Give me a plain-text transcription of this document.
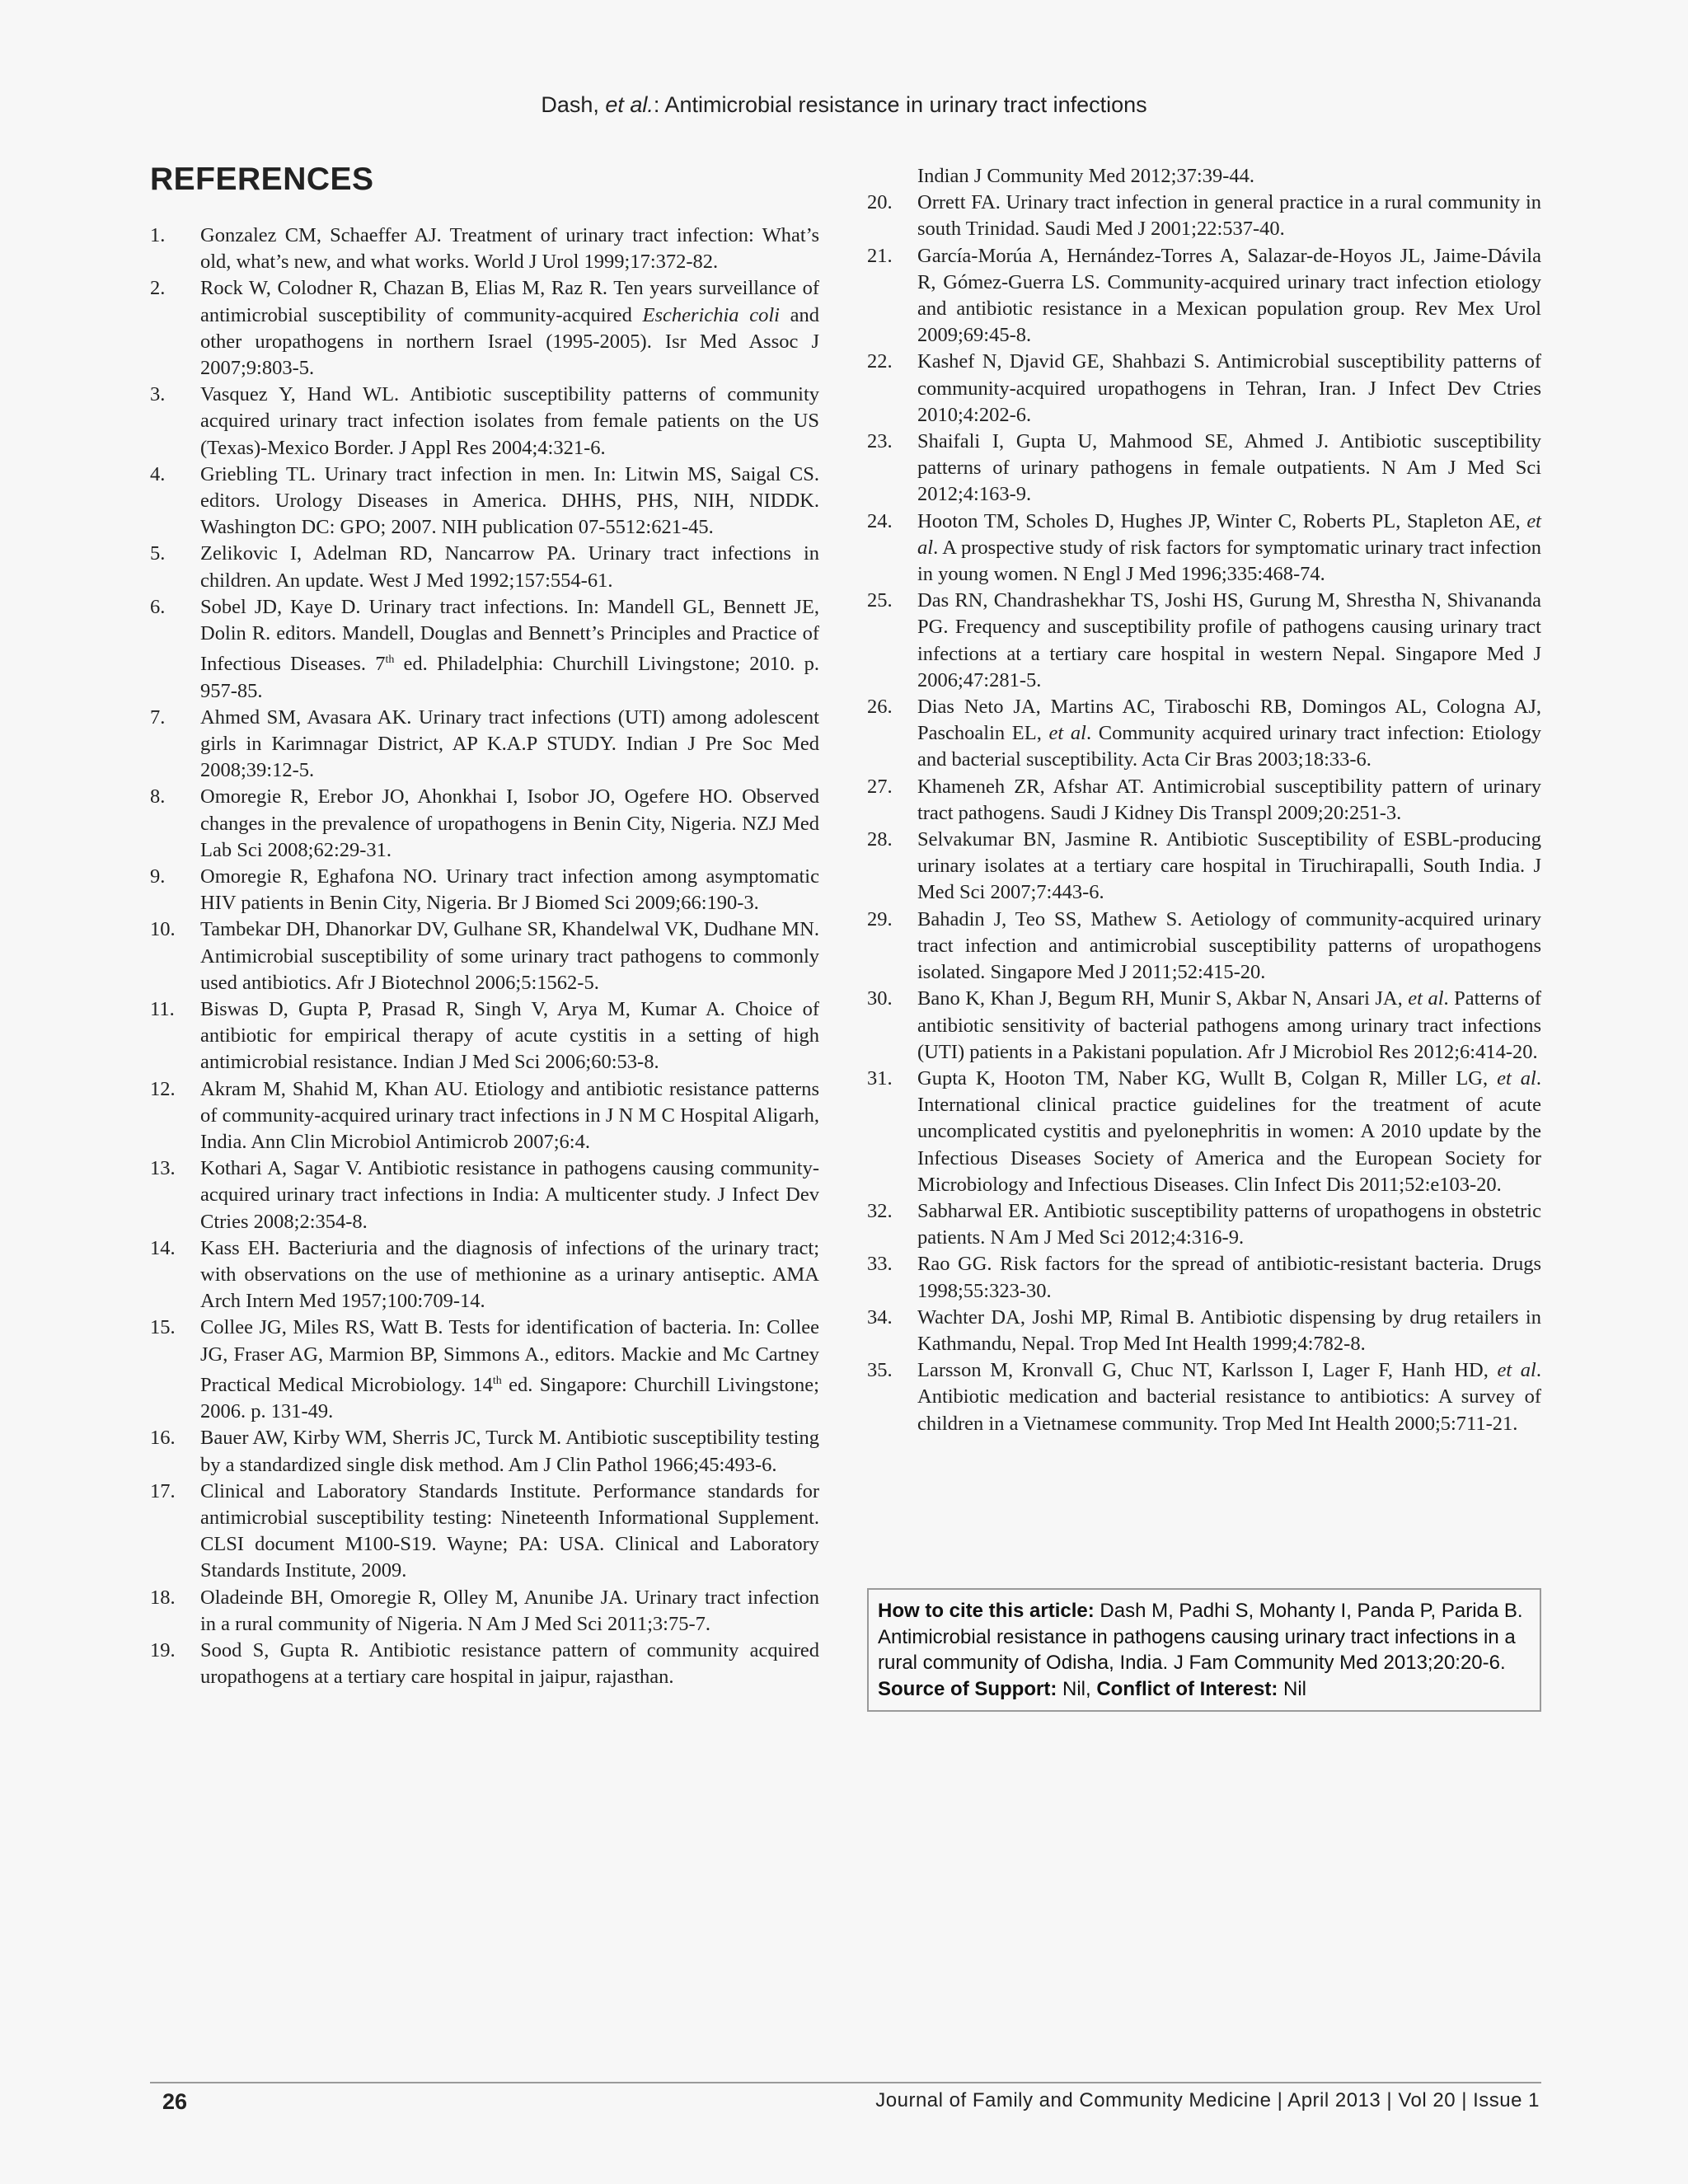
Dash, et al.: Antimicrobial resistance in urinary tract infections
REFERENCES
1.	Gonzalez CM, Schaeffer AJ. Treatment of urinary tract infection: What’s old, what’s new, and what works. World J Urol 1999;17:372-82.
2.	Rock W, Colodner R, Chazan B, Elias M, Raz R. Ten years surveillance of antimicrobial susceptibility of community-acquired Escherichia coli and other uropathogens in northern Israel (1995-2005). Isr Med Assoc J 2007;9:803-5.
3.	Vasquez Y, Hand WL. Antibiotic susceptibility patterns of community acquired urinary tract infection isolates from female patients on the US (Texas)-Mexico Border. J Appl Res 2004;4:321-6.
4.	Griebling TL. Urinary tract infection in men. In: Litwin MS, Saigal CS. editors. Urology Diseases in America. DHHS, PHS, NIH, NIDDK. Washington DC: GPO; 2007. NIH publication 07-5512:621-45.
5.	Zelikovic I, Adelman RD, Nancarrow PA. Urinary tract infections in children. An update. West J Med 1992;157:554-61.
6.	Sobel JD, Kaye D. Urinary tract infections. In: Mandell GL, Bennett JE, Dolin R. editors. Mandell, Douglas and Bennett’s Principles and Practice of Infectious Diseases. 7th ed. Philadelphia: Churchill Livingstone; 2010. p. 957-85.
7.	Ahmed SM, Avasara AK. Urinary tract infections (UTI) among adolescent girls in Karimnagar District, AP K.A.P STUDY. Indian J Pre Soc Med 2008;39:12-5.
8.	Omoregie R, Erebor JO, Ahonkhai I, Isobor JO, Ogefere HO. Observed changes in the prevalence of uropathogens in Benin City, Nigeria. NZJ Med Lab Sci 2008;62:29-31.
9.	Omoregie R, Eghafona NO. Urinary tract infection among asymptomatic HIV patients in Benin City, Nigeria. Br J Biomed Sci 2009;66:190-3.
10.	Tambekar DH, Dhanorkar DV, Gulhane SR, Khandelwal VK, Dudhane MN. Antimicrobial susceptibility of some urinary tract pathogens to commonly used antibiotics. Afr J Biotechnol 2006;5:1562-5.
11.	Biswas D, Gupta P, Prasad R, Singh V, Arya M, Kumar A. Choice of antibiotic for empirical therapy of acute cystitis in a setting of high antimicrobial resistance. Indian J Med Sci 2006;60:53-8.
12.	Akram M, Shahid M, Khan AU. Etiology and antibiotic resistance patterns of community-acquired urinary tract infections in J N M C Hospital Aligarh, India. Ann Clin Microbiol Antimicrob 2007;6:4.
13.	Kothari A, Sagar V. Antibiotic resistance in pathogens causing community-acquired urinary tract infections in India: A multicenter study. J Infect Dev Ctries 2008;2:354-8.
14.	Kass EH. Bacteriuria and the diagnosis of infections of the urinary tract; with observations on the use of methionine as a urinary antiseptic. AMA Arch Intern Med 1957;100:709-14.
15.	Collee JG, Miles RS, Watt B. Tests for identification of bacteria. In: Collee JG, Fraser AG, Marmion BP, Simmons A., editors. Mackie and Mc Cartney Practical Medical Microbiology. 14th ed. Singapore: Churchill Livingstone; 2006. p. 131-49.
16.	Bauer AW, Kirby WM, Sherris JC, Turck M. Antibiotic susceptibility testing by a standardized single disk method. Am J Clin Pathol 1966;45:493-6.
17.	Clinical and Laboratory Standards Institute. Performance standards for antimicrobial susceptibility testing: Nineteenth Informational Supplement. CLSI document M100-S19. Wayne; PA: USA. Clinical and Laboratory Standards Institute, 2009.
18.	Oladeinde BH, Omoregie R, Olley M, Anunibe JA. Urinary tract infection in a rural community of Nigeria. N Am J Med Sci 2011;3:75-7.
19.	Sood S, Gupta R. Antibiotic resistance pattern of community acquired uropathogens at a tertiary care hospital in jaipur, rajasthan.
Indian J Community Med 2012;37:39-44.
20.	Orrett FA. Urinary tract infection in general practice in a rural community in south Trinidad. Saudi Med J 2001;22:537-40.
21.	García-Morúa A, Hernández-Torres A, Salazar-de-Hoyos JL, Jaime-Dávila R, Gómez-Guerra LS. Community-acquired urinary tract infection etiology and antibiotic resistance in a Mexican population group. Rev Mex Urol 2009;69:45-8.
22.	Kashef N, Djavid GE, Shahbazi S. Antimicrobial susceptibility patterns of community-acquired uropathogens in Tehran, Iran. J Infect Dev Ctries 2010;4:202-6.
23.	Shaifali I, Gupta U, Mahmood SE, Ahmed J. Antibiotic susceptibility patterns of urinary pathogens in female outpatients. N Am J Med Sci 2012;4:163-9.
24.	Hooton TM, Scholes D, Hughes JP, Winter C, Roberts PL, Stapleton AE, et al. A prospective study of risk factors for symptomatic urinary tract infection in young women. N Engl J Med 1996;335:468-74.
25.	Das RN, Chandrashekhar TS, Joshi HS, Gurung M, Shrestha N, Shivananda PG. Frequency and susceptibility profile of pathogens causing urinary tract infections at a tertiary care hospital in western Nepal. Singapore Med J 2006;47:281-5.
26.	Dias Neto JA, Martins AC, Tiraboschi RB, Domingos AL, Cologna AJ, Paschoalin EL, et al. Community acquired urinary tract infection: Etiology and bacterial susceptibility. Acta Cir Bras 2003;18:33-6.
27.	Khameneh ZR, Afshar AT. Antimicrobial susceptibility pattern of urinary tract pathogens. Saudi J Kidney Dis Transpl 2009;20:251-3.
28.	Selvakumar BN, Jasmine R. Antibiotic Susceptibility of ESBL-producing urinary isolates at a tertiary care hospital in Tiruchirapalli, South India. J Med Sci 2007;7:443-6.
29.	Bahadin J, Teo SS, Mathew S. Aetiology of community-acquired urinary tract infection and antimicrobial susceptibility patterns of uropathogens isolated. Singapore Med J 2011;52:415-20.
30.	Bano K, Khan J, Begum RH, Munir S, Akbar N, Ansari JA, et al. Patterns of antibiotic sensitivity of bacterial pathogens among urinary tract infections (UTI) patients in a Pakistani population. Afr J Microbiol Res 2012;6:414-20.
31.	Gupta K, Hooton TM, Naber KG, Wullt B, Colgan R, Miller LG, et al. International clinical practice guidelines for the treatment of acute uncomplicated cystitis and pyelonephritis in women: A 2010 update by the Infectious Diseases Society of America and the European Society for Microbiology and Infectious Diseases. Clin Infect Dis 2011;52:e103-20.
32.	Sabharwal ER. Antibiotic susceptibility patterns of uropathogens in obstetric patients. N Am J Med Sci 2012;4:316-9.
33.	Rao GG. Risk factors for the spread of antibiotic-resistant bacteria. Drugs 1998;55:323-30.
34.	Wachter DA, Joshi MP, Rimal B. Antibiotic dispensing by drug retailers in Kathmandu, Nepal. Trop Med Int Health 1999;4:782-8.
35.	Larsson M, Kronvall G, Chuc NT, Karlsson I, Lager F, Hanh HD, et al. Antibiotic medication and bacterial resistance to antibiotics: A survey of children in a Vietnamese community. Trop Med Int Health 2000;5:711-21.
How to cite this article: Dash M, Padhi S, Mohanty I, Panda P, Parida B. Antimicrobial resistance in pathogens causing urinary tract infections in a rural community of Odisha, India. J Fam Community Med 2013;20:20-6.
Source of Support: Nil, Conflict of Interest: Nil
26	Journal of Family and Community Medicine | April 2013 | Vol 20 | Issue 1
